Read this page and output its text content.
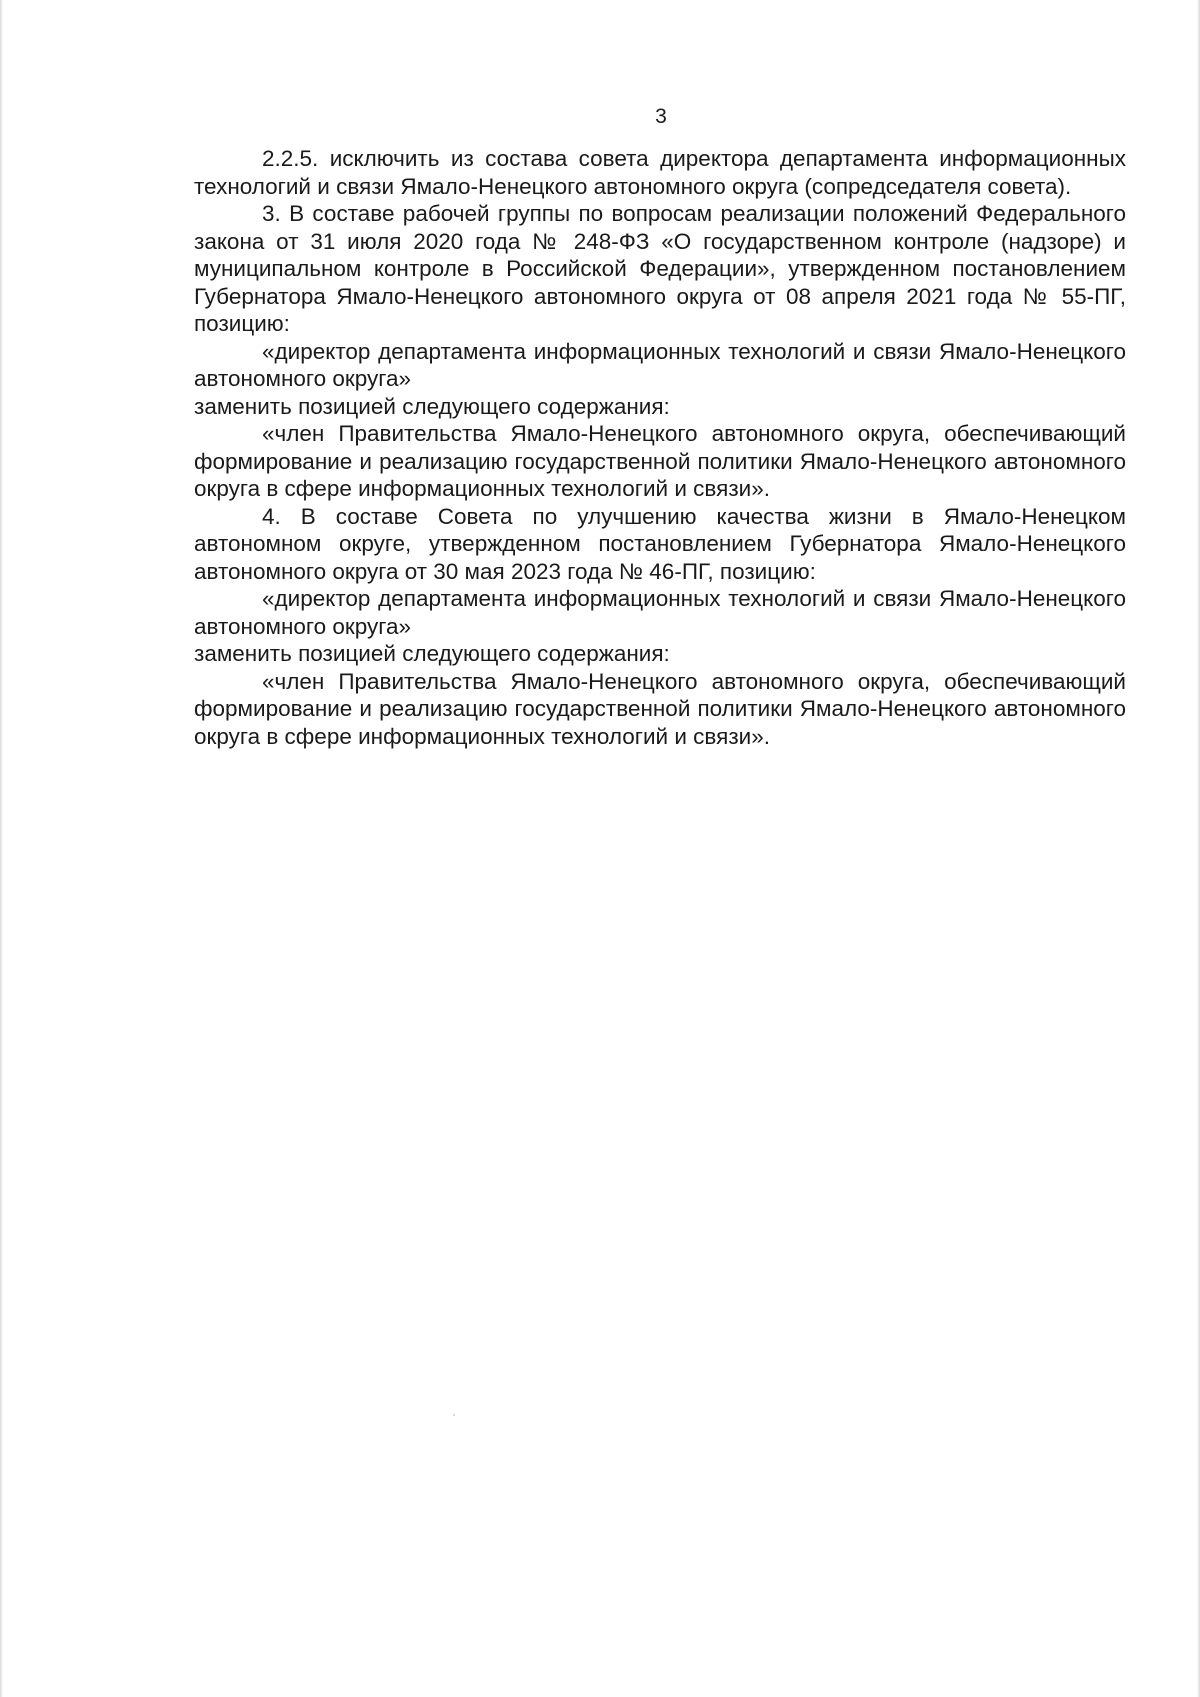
3

2.2.5. исключить из состава совета директора департамента информационных технологий и связи Ямало-Ненецкого автономного округа (сопредседателя совета).

3. В составе рабочей группы по вопросам реализации положений Федерального закона от 31 июля 2020 года № 248-ФЗ «О государственном контроле (надзоре) и муниципальном контроле в Российской Федерации», утвержденном постановлением Губернатора Ямало-Ненецкого автономного округа от 08 апреля 2021 года № 55-ПГ, позицию:

«директор департамента информационных технологий и связи Ямало-Ненецкого автономного округа»

заменить позицией следующего содержания:

«член Правительства Ямало-Ненецкого автономного округа, обеспечивающий формирование и реализацию государственной политики Ямало-Ненецкого автономного округа в сфере информационных технологий и связи».

4. В составе Совета по улучшению качества жизни в Ямало-Ненецком автономном округе, утвержденном постановлением Губернатора Ямало-Ненецкого автономного округа от 30 мая 2023 года № 46-ПГ, позицию:

«директор департамента информационных технологий и связи Ямало-Ненецкого автономного округа»

заменить позицией следующего содержания:

«член Правительства Ямало-Ненецкого автономного округа, обеспечивающий формирование и реализацию государственной политики Ямало-Ненецкого автономного округа в сфере информационных технологий и связи».
